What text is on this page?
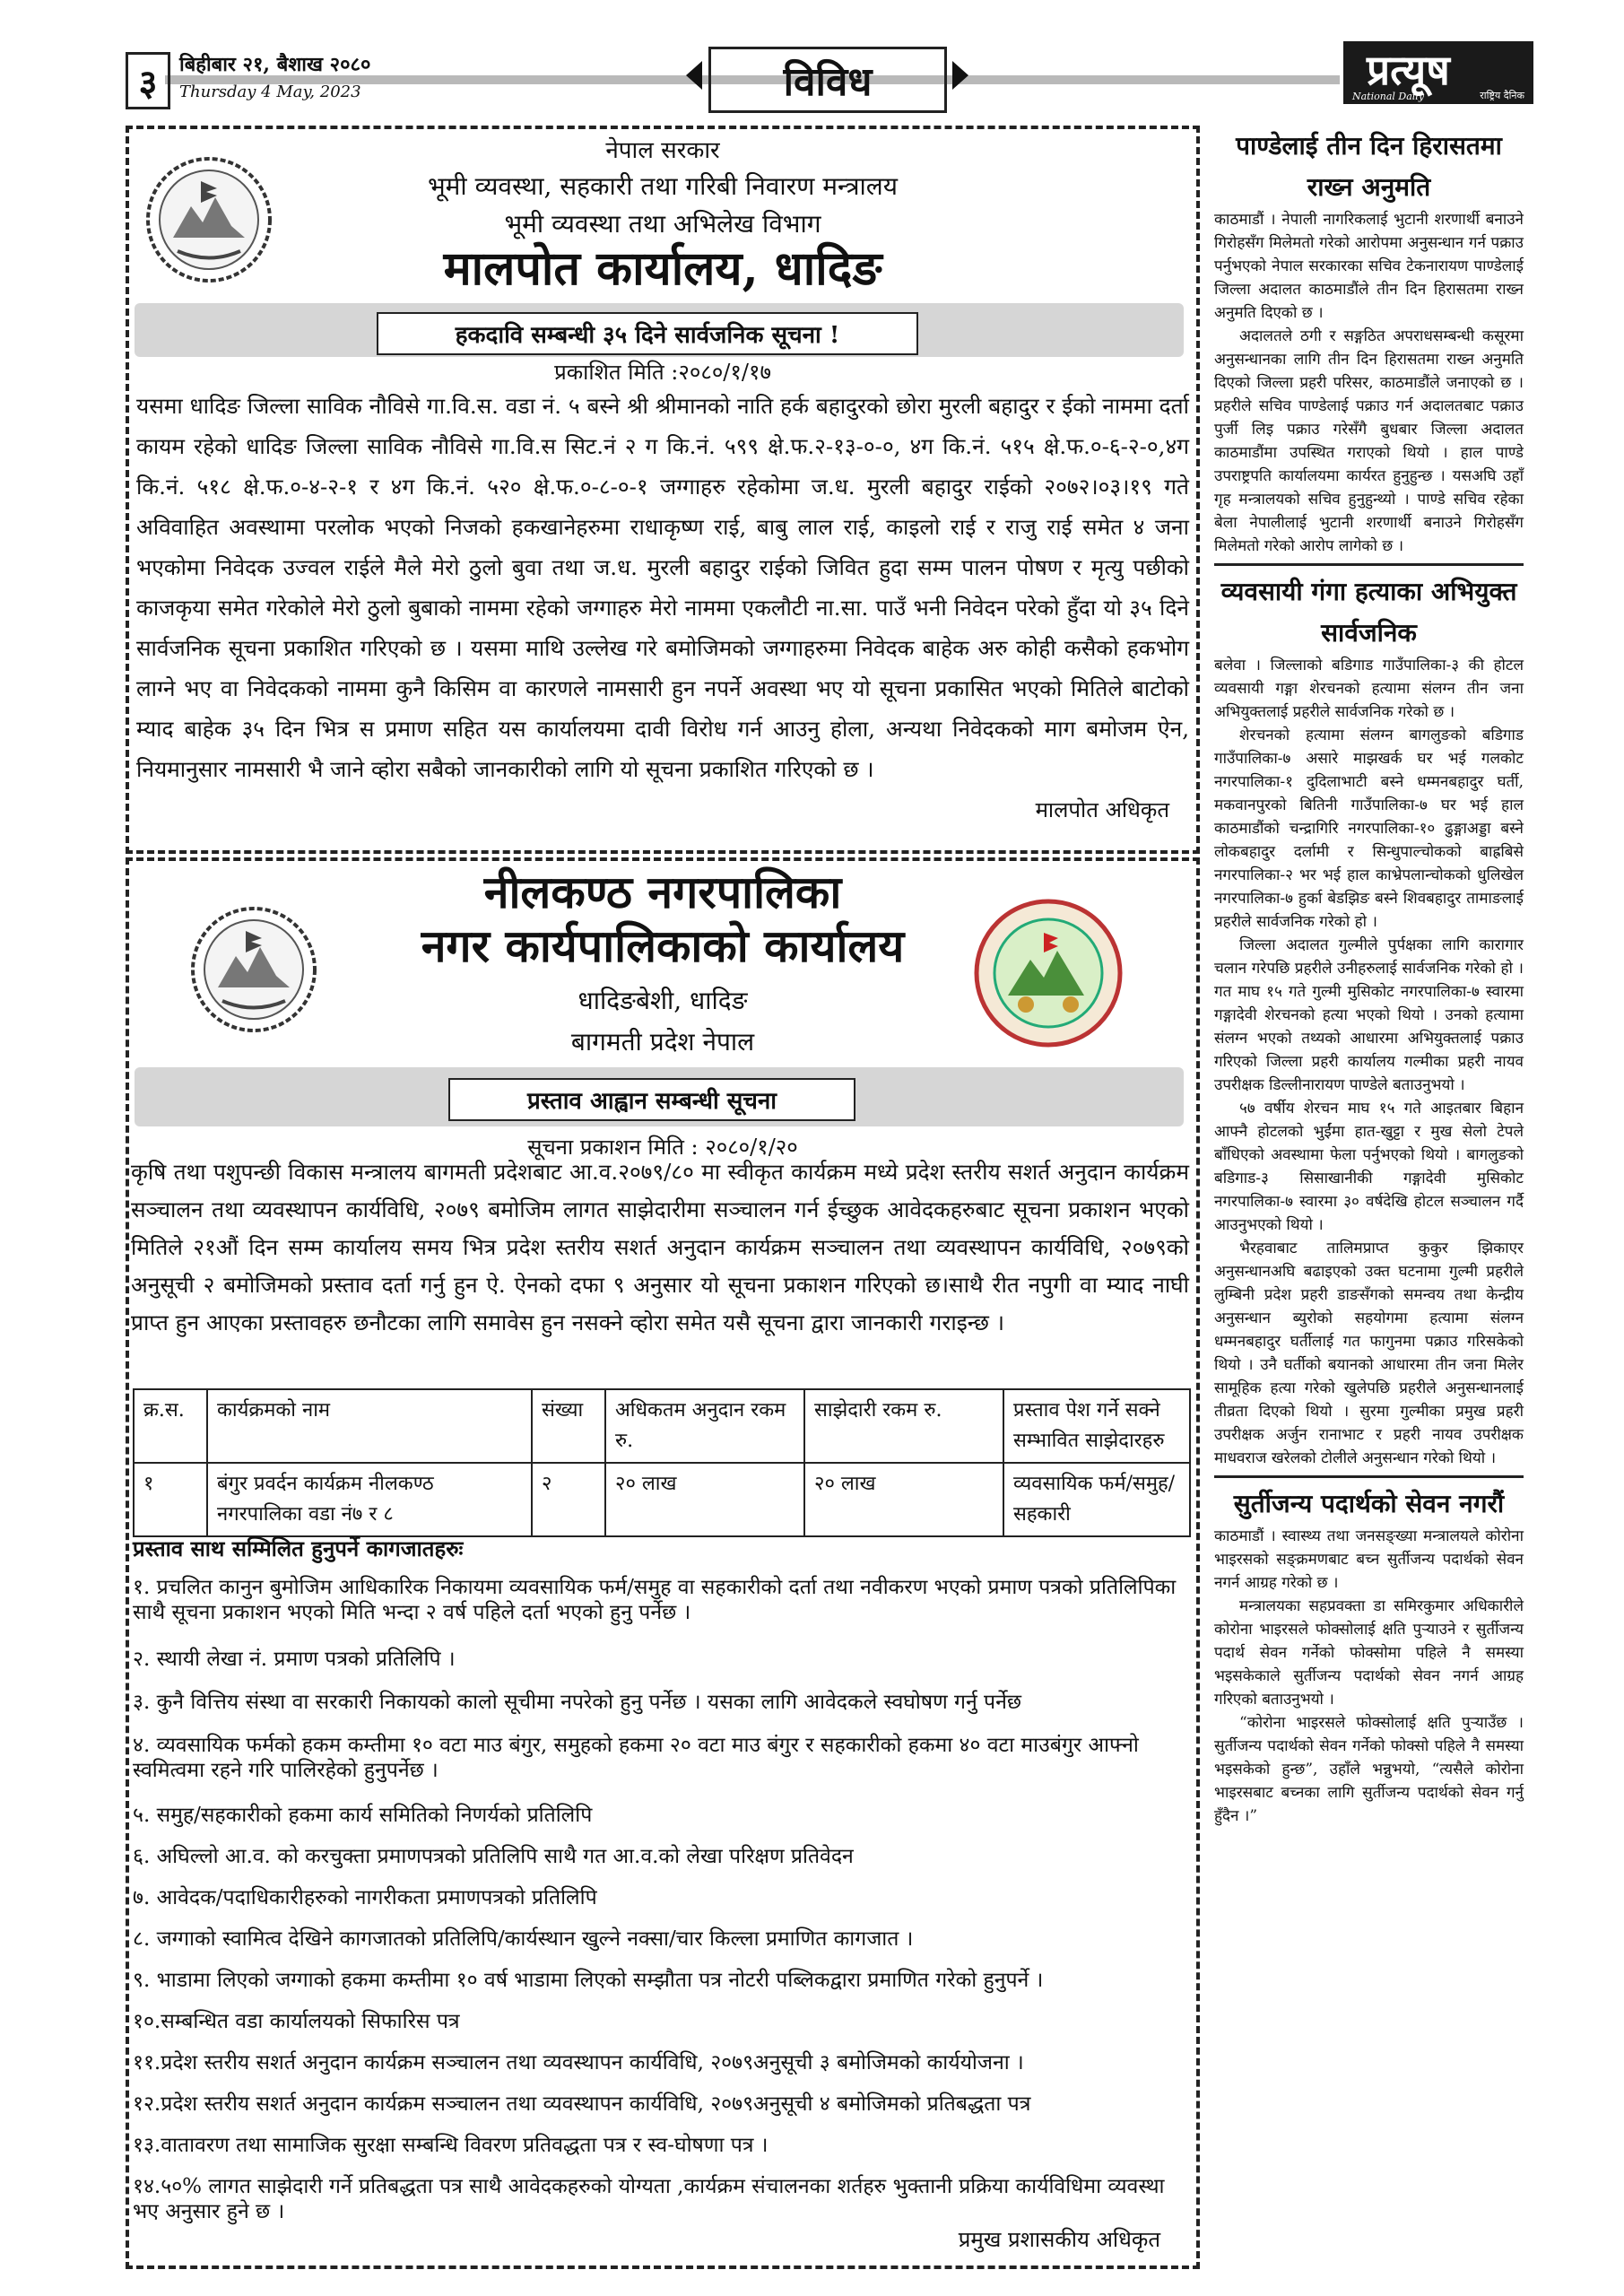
३	बिहीबार २१, बैशाख २०८०
Thursday 4 May, 2023	विविध	प्रत्यूष
National Daily	राष्ट्रिय दैनिक
नेपाल सरकार
भूमी व्यवस्था, सहकारी तथा गरिबी निवारण मन्त्रालय
भूमी व्यवस्था तथा अभिलेख विभाग
मालपोत कार्यालय, धादिङ
हकदावि सम्बन्धी ३५ दिने सार्वजनिक सूचना !
प्रकाशित मिति :२०८०/१/१७
यसमा धादिङ जिल्ला साविक नौविसे गा.वि.स. वडा नं. ५ बस्ने श्री श्रीमानको नाति हर्क बहादुरको छोरा मुरली बहादुर र ईको नाममा दर्ता कायम रहेको धादिङ जिल्ला साविक नौविसे गा.वि.स सिट.नं २ ग कि.नं. ५९९ क्षे.फ.२-१३-०-०, ४ग कि.नं. ५१५ क्षे.फ.०-६-२-०,४ग कि.नं. ५१८ क्षे.फ.०-४-२-१ र ४ग कि.नं. ५२० क्षे.फ.०-८-०-१ जग्गाहरु रहेकोमा ज.ध. मुरली बहादुर राईको २०७२।०३।१९ गते अविवाहित अवस्थामा परलोक भएको निजको हकखानेहरुमा राधाकृष्ण राई, बाबु लाल राई, काइलो राई र राजु राई समेत ४ जना भएकोमा निवेदक उज्वल राईले मैले मेरो ठुलो बुवा तथा ज.ध. मुरली बहादुर राईको जिवित हुदा सम्म पालन पोषण र मृत्यु पछीको काजकृया समेत गरेकोले मेरो ठुलो बुबाको नाममा रहेको जग्गाहरु मेरो नाममा एकलौटी ना.सा. पाउँ भनी निवेदन परेको हुँदा यो ३५ दिने सार्वजनिक सूचना प्रकाशित गरिएको छ । यसमा माथि उल्लेख गरे बमोजिमको जग्गाहरुमा निवेदक बाहेक अरु कोही कसैको हकभोग लाग्ने भए वा निवेदकको नाममा कुनै किसिम वा कारणले नामसारी हुन नपर्ने अवस्था भए यो सूचना प्रकासित भएको मितिले बाटोको म्याद बाहेक ३५ दिन भित्र स प्रमाण सहित यस कार्यालयमा दावी विरोध गर्न आउनु होला, अन्यथा निवेदकको माग बमोजम ऐन, नियमानुसार नामसारी भै जाने व्होरा सबैको जानकारीको लागि यो सूचना प्रकाशित गरिएको छ ।
मालपोत अधिकृत
नीलकण्ठ नगरपालिका
नगर कार्यपालिकाको कार्यालय
धादिङबेशी, धादिङ
बागमती प्रदेश नेपाल
प्रस्ताव आह्वान सम्बन्धी सूचना
सूचना प्रकाशन मिति : २०८०/१/२०
कृषि तथा पशुपन्छी विकास मन्त्रालय बागमती प्रदेशबाट आ.व.२०७९/८० मा स्वीकृत कार्यक्रम मध्ये प्रदेश स्तरीय सशर्त अनुदान कार्यक्रम सञ्चालन तथा व्यवस्थापन कार्यविधि, २०७९ बमोजिम लागत साझेदारीमा सञ्चालन गर्न ईच्छुक आवेदकहरुबाट सूचना प्रकाशन भएको मितिले २१औं दिन सम्म कार्यालय समय भित्र प्रदेश स्तरीय सशर्त अनुदान कार्यक्रम सञ्चालन तथा व्यवस्थापन कार्यविधि, २०७९को अनुसूची २ बमोजिमको प्रस्ताव दर्ता गर्नु हुन ऐ. ऐनको दफा ९ अनुसार यो सूचना प्रकाशन गरिएको छ।साथै रीत नपुगी वा म्याद नाघी प्राप्त हुन आएका प्रस्तावहरु छनौटका लागि समावेस हुन नसक्ने व्होरा समेत यसै सूचना द्वारा जानकारी गराइन्छ ।
क्र.स.	कार्यक्रमको नाम	संख्या	अधिकतम अनुदान रकम रु.	साझेदारी रकम रु.	प्रस्ताव पेश गर्ने सक्ने सम्भावित साझेदारहरु
१	बंगुर प्रवर्दन कार्यक्रम नीलकण्ठ नगरपालिका वडा नं७ र ८	२	२० लाख	२० लाख	व्यवसायिक फर्म/समुह/ सहकारी
प्रस्ताव साथ सम्मिलित हुनुपर्ने कागजातहरुः

१. प्रचलित कानुन बुमोजिम आधिकारिक निकायमा व्यवसायिक फर्म/समुह वा सहकारीको दर्ता तथा नवीकरण भएको प्रमाण पत्रको प्रतिलिपिका साथै सूचना प्रकाशन भएको मिति भन्दा २ वर्ष पहिले दर्ता भएको हुनु पर्नेछ ।

२. स्थायी लेखा नं. प्रमाण पत्रको प्रतिलिपि ।

३. कुनै वित्तिय संस्था वा सरकारी निकायको कालो सूचीमा नपरेको हुनु पर्नेछ । यसका लागि आवेदकले स्वघोषण गर्नु पर्नेछ

४. व्यवसायिक फर्मको हकम कम्तीमा १० वटा माउ बंगुर, समुहको हकमा २० वटा माउ बंगुर र सहकारीको हकमा ४० वटा माउबंगुर आफ्नो स्वमित्वमा रहने गरि पालिरहेको हुनुपर्नेछ ।

५. समुह/सहकारीको हकमा कार्य समितिको निणर्यको प्रतिलिपि

६. अघिल्लो आ.व. को करचुक्ता प्रमाणपत्रको प्रतिलिपि साथै गत आ.व.को लेखा परिक्षण प्रतिवेदन

७. आवेदक/पदाधिकारीहरुको नागरीकता प्रमाणपत्रको प्रतिलिपि

८. जग्गाको स्वामित्व देखिने कागजातको प्रतिलिपि/कार्यस्थान खुल्ने नक्सा/चार किल्ला प्रमाणित कागजात ।

९. भाडामा लिएको जग्गाको हकमा कम्तीमा १० वर्ष भाडामा लिएको सम्झौता पत्र नोटरी पब्लिकद्वारा प्रमाणित गरेको हुनुपर्ने ।

१०.सम्बन्धित वडा कार्यालयको सिफारिस पत्र

११.प्रदेश स्तरीय सशर्त अनुदान कार्यक्रम सञ्चालन तथा व्यवस्थापन कार्यविधि, २०७९अनुसूची ३ बमोजिमको कार्ययोजना ।

१२.प्रदेश स्तरीय सशर्त अनुदान कार्यक्रम सञ्चालन तथा व्यवस्थापन कार्यविधि, २०७९अनुसूची ४ बमोजिमको प्रतिबद्धता पत्र

१३.वातावरण तथा सामाजिक सुरक्षा सम्बन्धि विवरण प्रतिवद्धता पत्र र स्व-घोषणा पत्र ।

१४.५०% लागत साझेदारी गर्ने प्रतिबद्धता पत्र साथै आवेदकहरुको योग्यता ,कार्यक्रम संचालनका शर्तहरु भुक्तानी प्रक्रिया कार्यविधिमा व्यवस्था भए अनुसार हुने छ ।

प्रमुख प्रशासकीय अधिकृत
पाण्डेलाई तीन दिन हिरासतमा राख्न अनुमति

काठमाडौं । नेपाली नागरिकलाई भुटानी शरणार्थी बनाउने गिरोहसँग मिलेमतो गरेको आरोपमा अनुसन्धान गर्न पक्राउ पर्नुभएको नेपाल सरकारका सचिव टेकनारायण पाण्डेलाई जिल्ला अदालत काठमाडौंले तीन दिन हिरासतमा राख्न अनुमति दिएको छ ।

अदालतले ठगी र सङ्गठित अपराधसम्बन्धी कसूरमा अनुसन्धानका लागि तीन दिन हिरासतमा राख्न अनुमति दिएको जिल्ला प्रहरी परिसर, काठमाडौंले जनाएको छ । प्रहरीले सचिव पाण्डेलाई पक्राउ गर्न अदालतबाट पक्राउ पुर्जी लिइ पक्राउ गरेसँगै बुधबार जिल्ला अदालत काठमाडौंमा उपस्थित गराएको थियो । हाल पाण्डे उपराष्ट्रपति कार्यालयमा कार्यरत हुनुहुन्छ । यसअघि उहाँ गृह मन्त्रालयको सचिव हुनुहुन्थ्यो । पाण्डे सचिव रहेका बेला नेपालीलाई भुटानी शरणार्थी बनाउने गिरोहसँग मिलेमतो गरेको आरोप लागेको छ ।

व्यवसायी गंगा हत्याका अभियुक्त सार्वजनिक

बलेवा । जिल्लाको बडिगाड गाउँपालिका-३ की होटल व्यवसायी गङ्गा शेरचनको हत्यामा संलग्न तीन जना अभियुक्तलाई प्रहरीले सार्वजनिक गरेको छ ।

शेरचनको हत्यामा संलग्न बागलुङको बडिगाड गाउँपालिका-७ असारे माझखर्क घर भई गलकोट नगरपालिका-१ दुदिलाभाटी बस्ने धम्मनबहादुर घर्ती, मकवानपुरको बितिनी गाउँपालिका-७ घर भई हाल काठमाडौंको चन्द्रागिरि नगरपालिका-१० ढुङ्गाअड्डा बस्ने लोकबहादुर दर्लामी र सिन्धुपाल्चोकको बाह्रबिसे नगरपालिका-२ भर भई हाल काभ्रेपलान्चोकको धुलिखेल नगरपालिका-७ हुर्का बेडझिङ बस्ने शिवबहादुर तामाङलाई प्रहरीले सार्वजनिक गरेको हो ।

जिल्ला अदालत गुल्मीले पुर्पक्षका लागि कारागार चलान गरेपछि प्रहरीले उनीहरुलाई सार्वजनिक गरेको हो । गत माघ १५ गते गुल्मी मुसिकोट नगरपालिका-७ स्वारमा गङ्गादेवी शेरचनको हत्या भएको थियो । उनको हत्यामा संलग्न भएको तथ्यको आधारमा अभियुक्तलाई पक्राउ गरिएको जिल्ला प्रहरी कार्यालय गल्मीका प्रहरी नायव उपरीक्षक डिल्लीनारायण पाण्डेले बताउनुभयो ।

५७ वर्षीय शेरचन माघ १५ गते आइतबार बिहान आफ्नै होटलको भुईंमा हात-खुट्टा र मुख सेलो टेपले बाँधिएको अवस्थामा फेला पर्नुभएको थियो । बागलुङको बडिगाड-३ सिसाखानीकी गङ्गादेवी मुसिकोट नगरपालिका-७ स्वारमा ३० वर्षदेखि होटल सञ्चालन गर्दै आउनुभएको थियो ।

भैरहवाबाट तालिमप्राप्त कुकुर झिकाएर अनुसन्धानअघि बढाइएको उक्त घटनामा गुल्मी प्रहरीले लुम्बिनी प्रदेश प्रहरी डाङसँगको समन्वय तथा केन्द्रीय अनुसन्धान ब्युरोको सहयोगमा हत्यामा संलग्न धम्मनबहादुर घर्तीलाई गत फागुनमा पक्राउ गरिसकेको थियो । उनै घर्तीको बयानको आधारमा तीन जना मिलेर सामूहिक हत्या गरेको खुलेपछि प्रहरीले अनुसन्धानलाई तीव्रता दिएको थियो । सुरमा गुल्मीका प्रमुख प्रहरी उपरीक्षक अर्जुन रानाभाट र प्रहरी नायव उपरीक्षक माधवराज खरेलको टोलीले अनुसन्धान गरेको थियो ।

सुर्तीजन्य पदार्थको सेवन नगरौं

काठमाडौं । स्वास्थ्य तथा जनसङ्ख्या मन्त्रालयले कोरोना भाइरसको सङ्क्रमणबाट बच्न सुर्तीजन्य पदार्थको सेवन नगर्न आग्रह गरेको छ ।

मन्त्रालयका सहप्रवक्ता डा समिरकुमार अधिकारीले कोरोना भाइरसले फोक्सोलाई क्षति पुऱ्याउने र सुर्तीजन्य पदार्थ सेवन गर्नेको फोक्सोमा पहिले नै समस्या भइसकेकाले सुर्तीजन्य पदार्थको सेवन नगर्न आग्रह गरिएको बताउनुभयो ।

“कोरोना भाइरसले फोक्सोलाई क्षति पुऱ्याउँछ । सुर्तीजन्य पदार्थको सेवन गर्नेको फोक्सो पहिले नै समस्या भइसकेको हुन्छ”, उहाँले भन्नुभयो, “त्यसैले कोरोना भाइरसबाट बच्नका लागि सुर्तीजन्य पदार्थको सेवन गर्नु हुँदैन ।”
